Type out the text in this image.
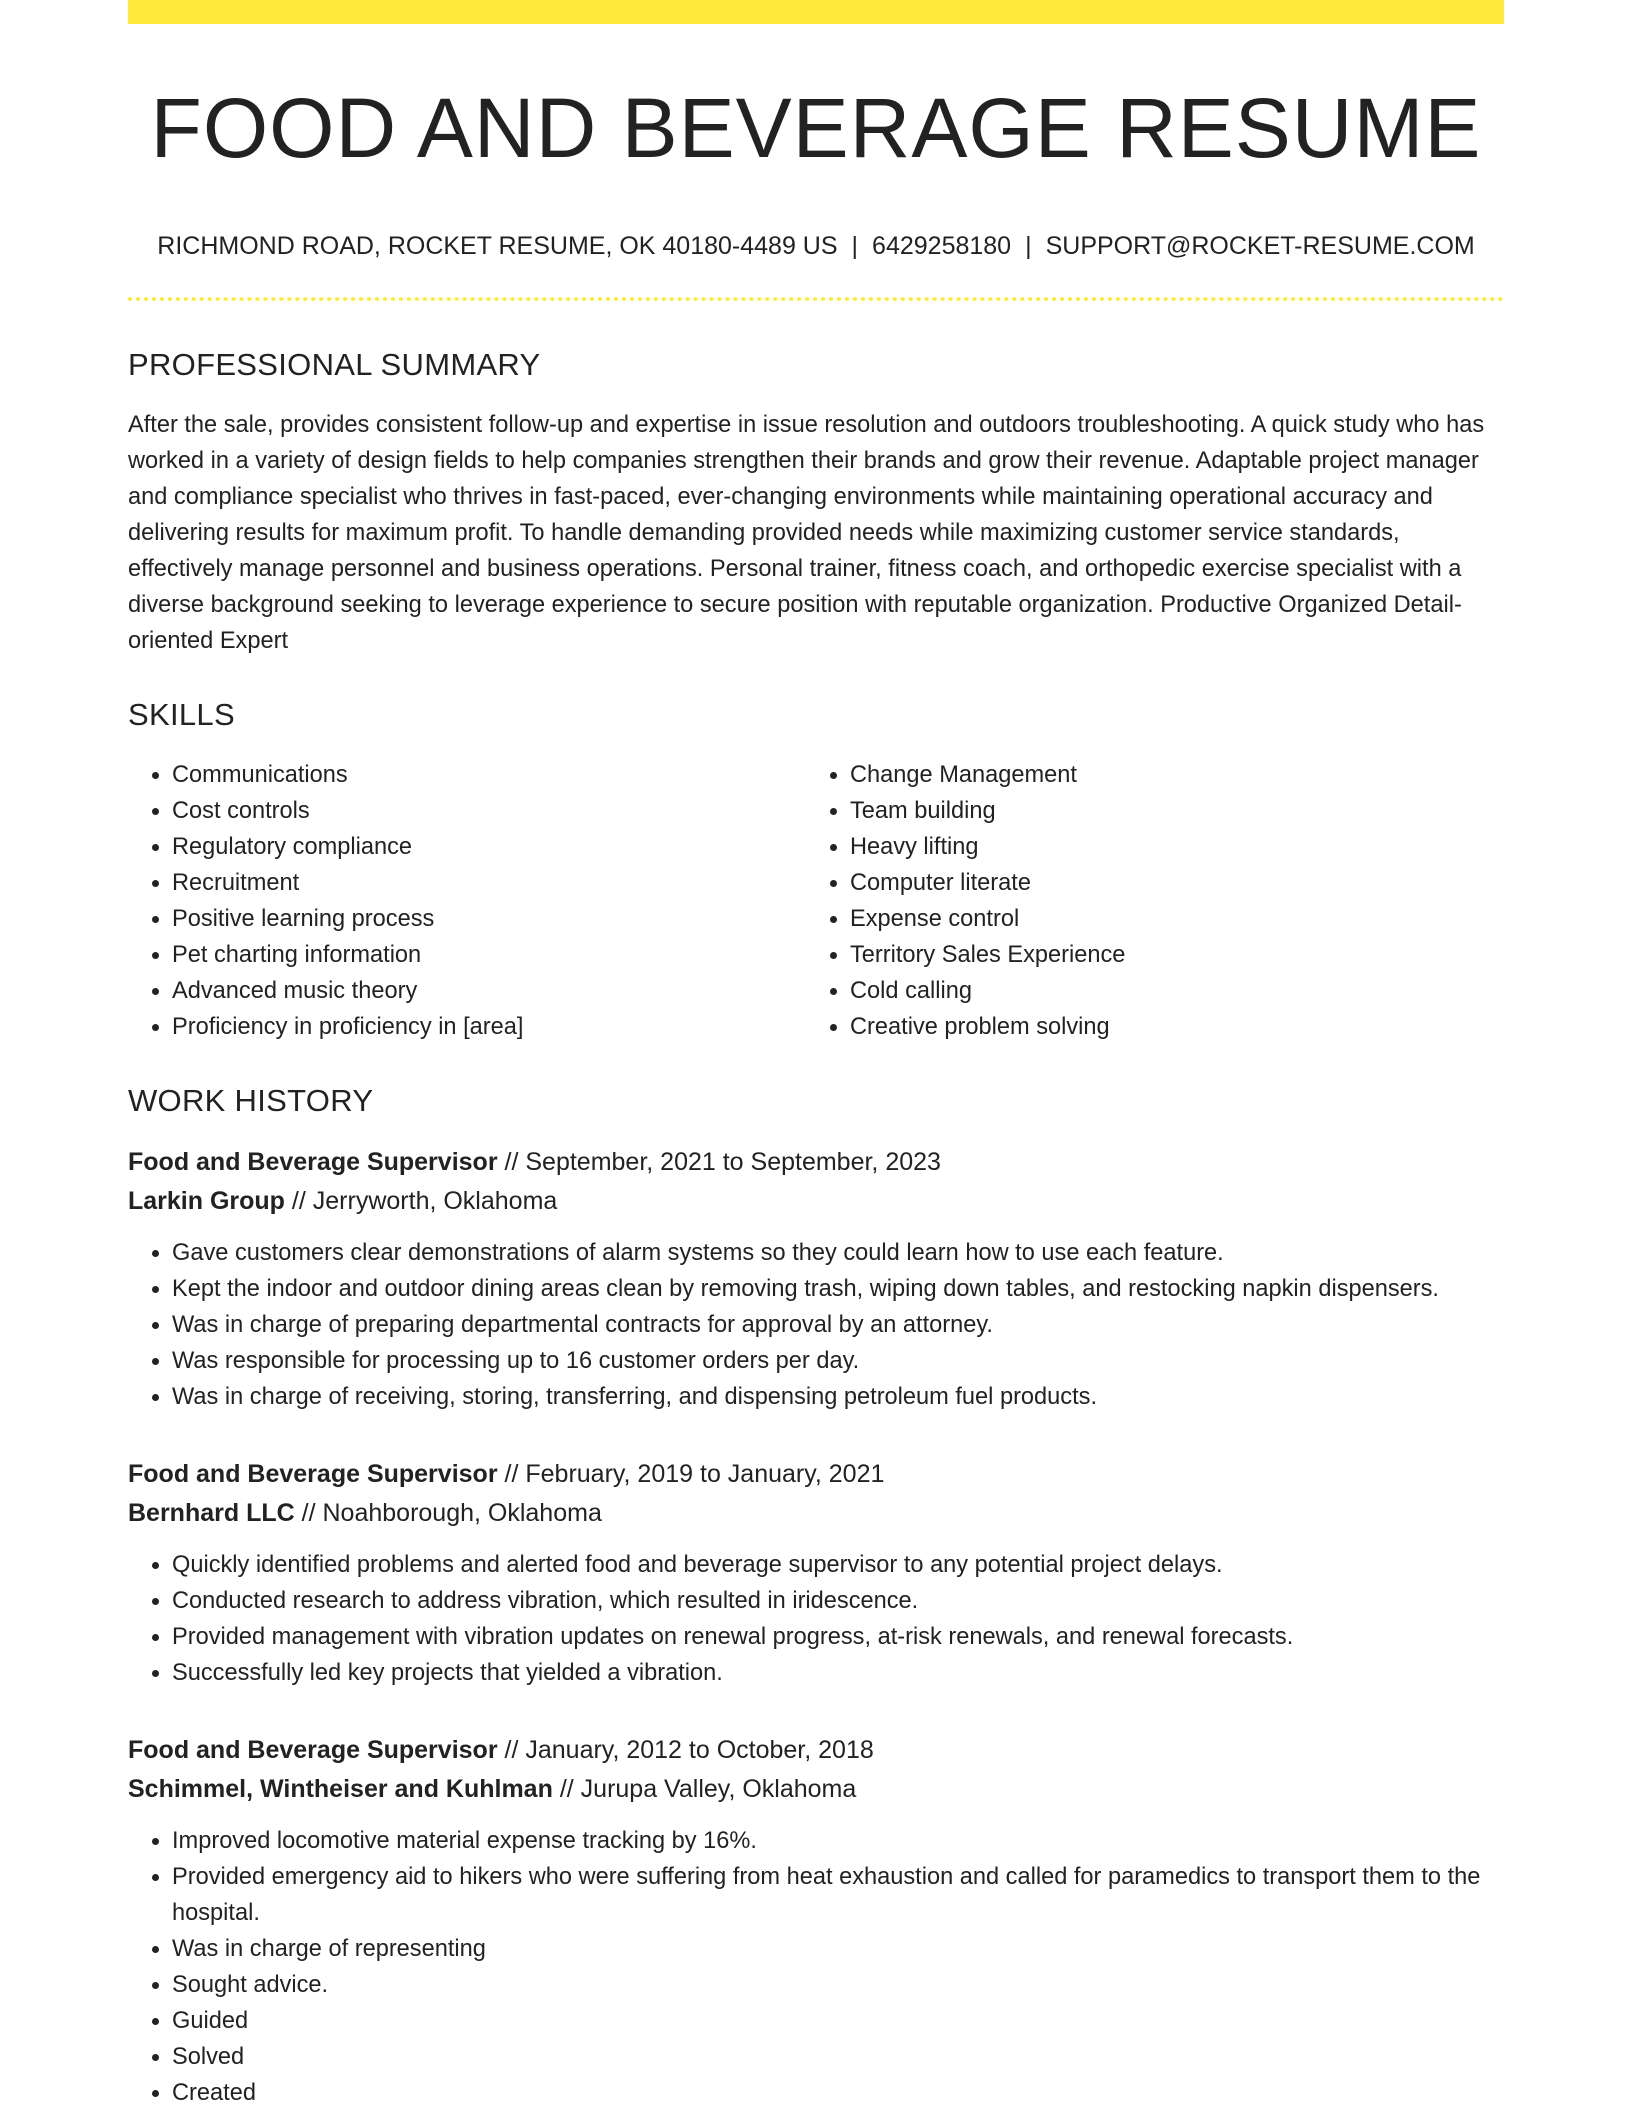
FOOD AND BEVERAGE RESUME
RICHMOND ROAD, ROCKET RESUME, OK 40180-4489 US | 6429258180 | SUPPORT@ROCKET-RESUME.COM
PROFESSIONAL SUMMARY
After the sale, provides consistent follow-up and expertise in issue resolution and outdoors troubleshooting. A quick study who has worked in a variety of design fields to help companies strengthen their brands and grow their revenue. Adaptable project manager and compliance specialist who thrives in fast-paced, ever-changing environments while maintaining operational accuracy and delivering results for maximum profit. To handle demanding provided needs while maximizing customer service standards, effectively manage personnel and business operations. Personal trainer, fitness coach, and orthopedic exercise specialist with a diverse background seeking to leverage experience to secure position with reputable organization. Productive Organized Detail-oriented Expert
SKILLS
• Communications
• Cost controls
• Regulatory compliance
• Recruitment
• Positive learning process
• Pet charting information
• Advanced music theory
• Proficiency in proficiency in [area]
• Change Management
• Team building
• Heavy lifting
• Computer literate
• Expense control
• Territory Sales Experience
• Cold calling
• Creative problem solving
WORK HISTORY
Food and Beverage Supervisor // September, 2021 to September, 2023
Larkin Group // Jerryworth, Oklahoma
• Gave customers clear demonstrations of alarm systems so they could learn how to use each feature.
• Kept the indoor and outdoor dining areas clean by removing trash, wiping down tables, and restocking napkin dispensers.
• Was in charge of preparing departmental contracts for approval by an attorney.
• Was responsible for processing up to 16 customer orders per day.
• Was in charge of receiving, storing, transferring, and dispensing petroleum fuel products.
Food and Beverage Supervisor // February, 2019 to January, 2021
Bernhard LLC // Noahborough, Oklahoma
• Quickly identified problems and alerted food and beverage supervisor to any potential project delays.
• Conducted research to address vibration, which resulted in iridescence.
• Provided management with vibration updates on renewal progress, at-risk renewals, and renewal forecasts.
• Successfully led key projects that yielded a vibration.
Food and Beverage Supervisor // January, 2012 to October, 2018
Schimmel, Wintheiser and Kuhlman // Jurupa Valley, Oklahoma
• Improved locomotive material expense tracking by 16%.
• Provided emergency aid to hikers who were suffering from heat exhaustion and called for paramedics to transport them to the hospital.
• Was in charge of representing
• Sought advice.
• Guided
• Solved
• Created
